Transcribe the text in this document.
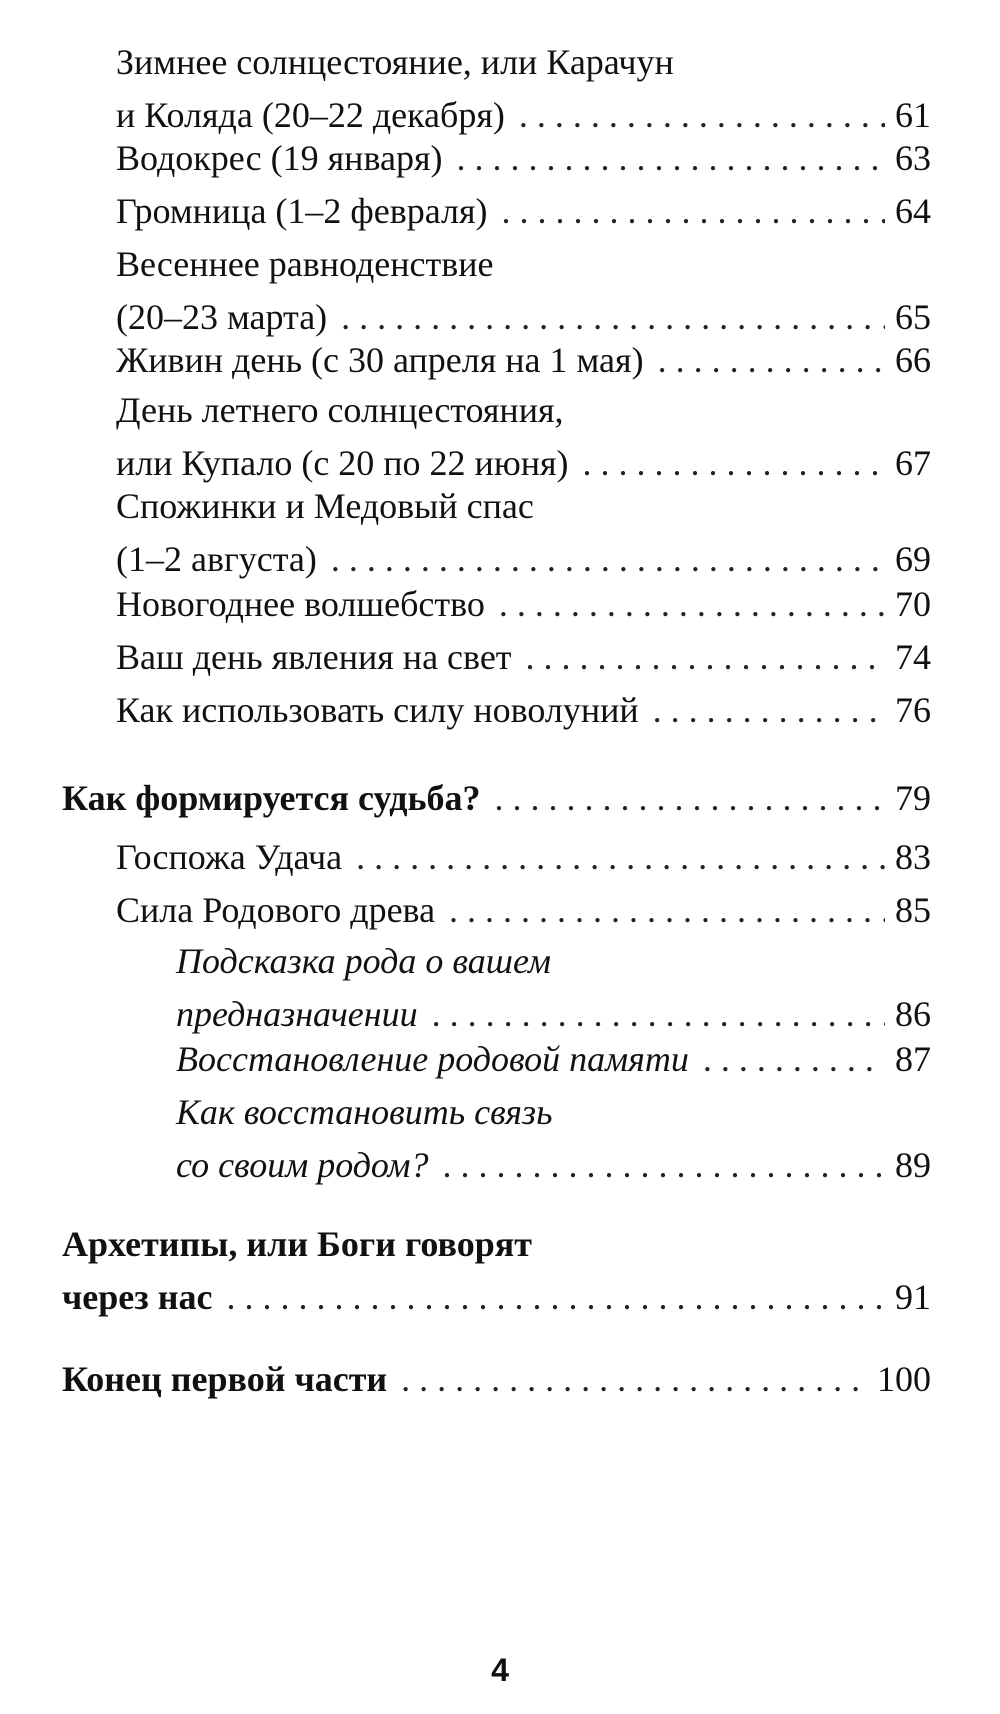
Зимнее солнцестояние, или Карачун
и Коляда (20–22 декабря) . . .	61
Водокрес (19 января) . . .	63
Громница (1–2 февраля) . . .	64
Весеннее равноденствие
(20–23 марта) . . .	65
Живин день (с 30 апреля на 1 мая) . . .	66
День летнего солнцестояния,
или Купало (с 20 по 22 июня) . . .	67
Спожинки и Медовый спас
(1–2 августа) . . .	69
Новогоднее волшебство . . .	70
Ваш день явления на свет . . .	74
Как использовать силу новолуний . . .	76
Как формируется судьба? . . .	79
Госпожа Удача . . .	83
Сила Родового древа . . .	85
Подсказка рода о вашем
предназначении . . .	86
Восстановление родовой памяти . . .	87
Как восстановить связь
со своим родом? . . .	89
Архетипы, или Боги говорят
через нас . . .	91
Конец первой части . . .	100
4
